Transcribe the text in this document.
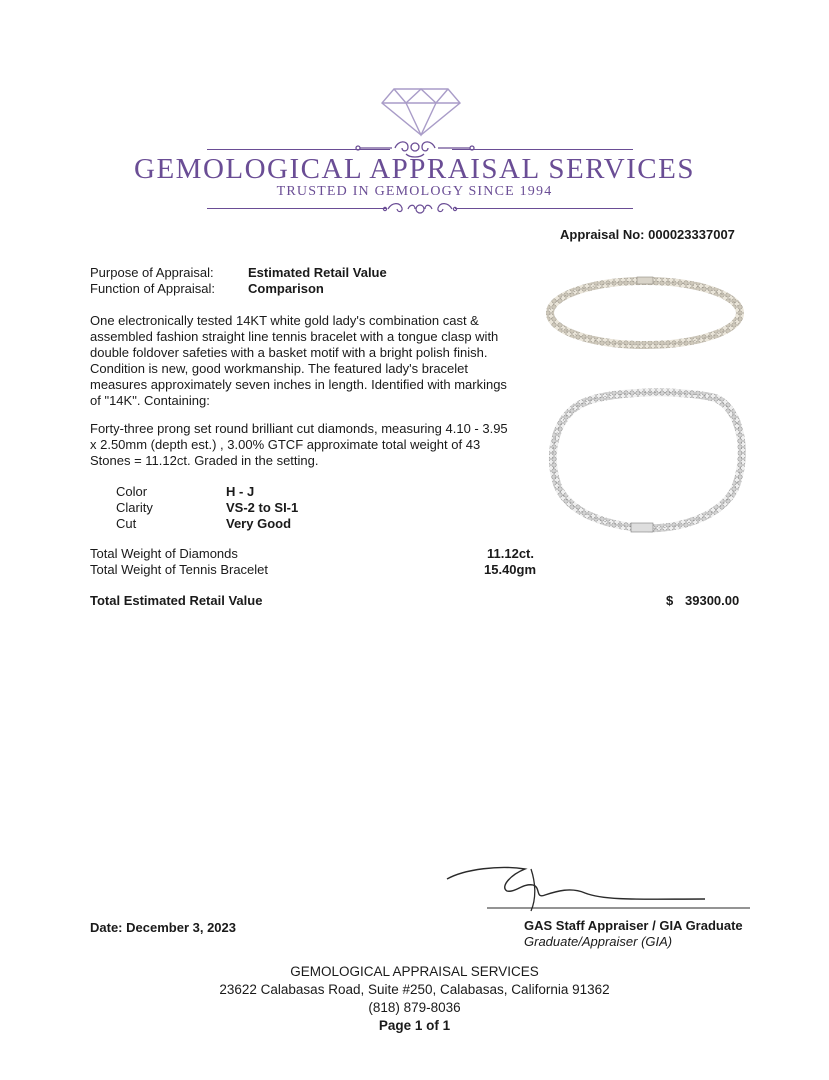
GEMOLOGICAL APPRAISAL SERVICES
TRUSTED IN GEMOLOGY SINCE 1994
Appraisal No: 000023337007
Purpose of Appraisal:	Estimated Retail Value
Function of Appraisal:	Comparison

One electronically tested 14KT white gold lady's combination cast & assembled fashion straight line tennis bracelet with a tongue clasp with double foldover safeties with a basket motif with a bright polish finish. Condition is new, good workmanship. The featured lady's bracelet measures approximately seven inches in length. Identified with markings of "14K". Containing:

Forty-three prong set round brilliant cut diamonds, measuring 4.10 - 3.95 x 2.50mm (depth est.) , 3.00% GTCF approximate total weight of 43 Stones = 11.12ct. Graded in the setting.

Color	H - J
Clarity	VS-2 to SI-1
Cut	Very Good
Total Weight of Diamonds	11.12ct.
Total Weight of Tennis Bracelet	15.40gm
Total Estimated Retail Value	$ 39300.00
GAS Staff Appraiser / GIA Graduate
Graduate/Appraiser (GIA)
Date: December 3, 2023
GEMOLOGICAL APPRAISAL SERVICES
23622 Calabasas Road, Suite #250, Calabasas, California 91362
(818) 879-8036
Page 1 of 1
